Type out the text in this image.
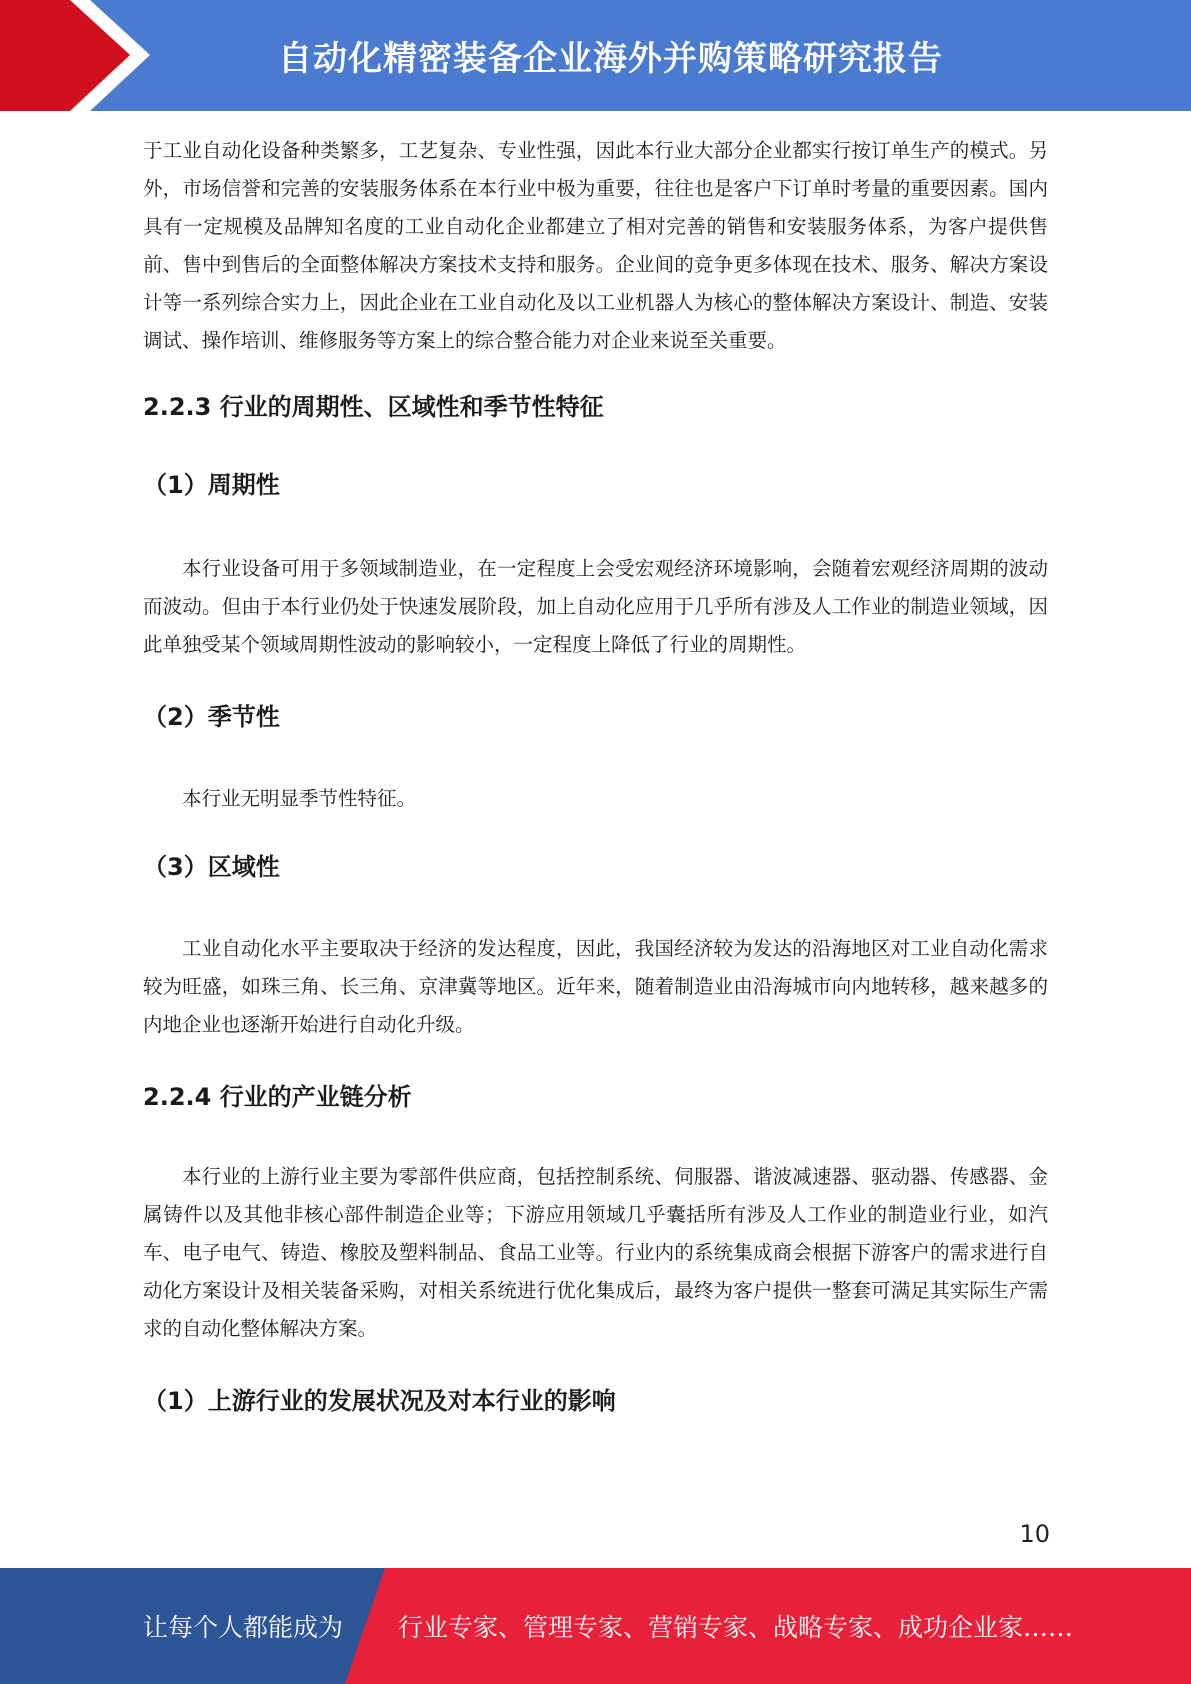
自动化精密装备企业海外并购策略研究报告

于工业自动化设备种类繁多，工艺复杂、专业性强，因此本行业大部分企业都实行按订单生产的模式。另外，市场信誉和完善的安装服务体系在本行业中极为重要，往往也是客户下订单时考量的重要因素。国内具有一定规模及品牌知名度的工业自动化企业都建立了相对完善的销售和安装服务体系，为客户提供售前、售中到售后的全面整体解决方案技术支持和服务。企业间的竞争更多体现在技术、服务、解决方案设计等一系列综合实力上，因此企业在工业自动化及以工业机器人为核心的整体解决方案设计、制造、安装调试、操作培训、维修服务等方案上的综合整合能力对企业来说至关重要。

2.2.3 行业的周期性、区域性和季节性特征
（1）周期性

本行业设备可用于多领域制造业，在一定程度上会受宏观经济环境影响，会随着宏观经济周期的波动而波动。但由于本行业仍处于快速发展阶段，加上自动化应用于几乎所有涉及人工作业的制造业领域，因此单独受某个领域周期性波动的影响较小，一定程度上降低了行业的周期性。

（2）季节性

本行业无明显季节性特征。

（3）区域性

工业自动化水平主要取决于经济的发达程度，因此，我国经济较为发达的沿海地区对工业自动化需求较为旺盛，如珠三角、长三角、京津冀等地区。近年来，随着制造业由沿海城市向内地转移，越来越多的内地企业也逐渐开始进行自动化升级。

2.2.4 行业的产业链分析

本行业的上游行业主要为零部件供应商，包括控制系统、伺服器、谐波减速器、驱动器、传感器、金属铸件以及其他非核心部件制造企业等；下游应用领域几乎囊括所有涉及人工作业的制造业行业，如汽车、电子电气、铸造、橡胶及塑料制品、食品工业等。行业内的系统集成商会根据下游客户的需求进行自动化方案设计及相关装备采购，对相关系统进行优化集成后，最终为客户提供一整套可满足其实际生产需求的自动化整体解决方案。

（1）上游行业的发展状况及对本行业的影响
10
让每个人都能成为 行业专家、管理专家、营销专家、战略专家、成功企业家……
